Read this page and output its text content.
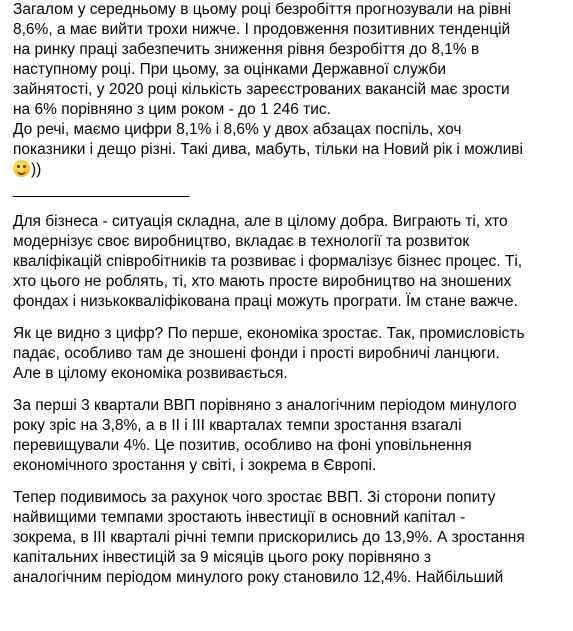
Загалом у середньому в цьому році безробіття прогнозували на рівні
8,6%, а має вийти трохи нижче. І продовження позитивних тенденцій
на ринку праці забезпечить зниження рівня безробіття до 8,1% в
наступному році. При цьому, за оцінками Державної служби
зайнятості, у 2020 році кількість зареєстрованих вакансій має зрости
на 6% порівняно з цим роком - до 1 246 тис.
До речі, маємо цифри 8,1% і 8,6% у двох абзацах поспіль, хоч
показники і дещо різні. Такі дива, мабуть, тільки на Новий рік і можливі
))
_______________________
Для бізнеса - ситуація складна, але в цілому добра. Виграють ті, хто
модернізує своє виробництво, вкладає в технології та розвиток
кваліфікацій співробітників та розвиває і формалізує бізнес процес. Ті,
хто цього не роблять, ті, хто мають просте виробництво на зношених
фондах і низькокваліфікована праці можуть програти. Їм стане важче.
Як це видно з цифр? По перше, економіка зростає. Так, промисловість
падає, особливо там де зношені фонди і прості виробничі ланцюги.
Але в цілому економіка розвивається.
За перші 3 квартали ВВП порівняно з аналогічним періодом минулого
року зріс на 3,8%, а в ІІ і ІІІ кварталах темпи зростання взагалі
перевищували 4%. Це позитив, особливо на фоні уповільнення
економічного зростання у світі, і зокрема в Європі.
Тепер подивимось за рахунок чого зростає ВВП. Зі сторони попиту
найвищими темпами зростають інвестиції в основний капітал -
зокрема, в ІІІ кварталі річні темпи прискорились до 13,9%. А зростання
капітальних інвестицій за 9 місяців цього року порівняно з
аналогічним періодом минулого року становило 12,4%. Найбільший
